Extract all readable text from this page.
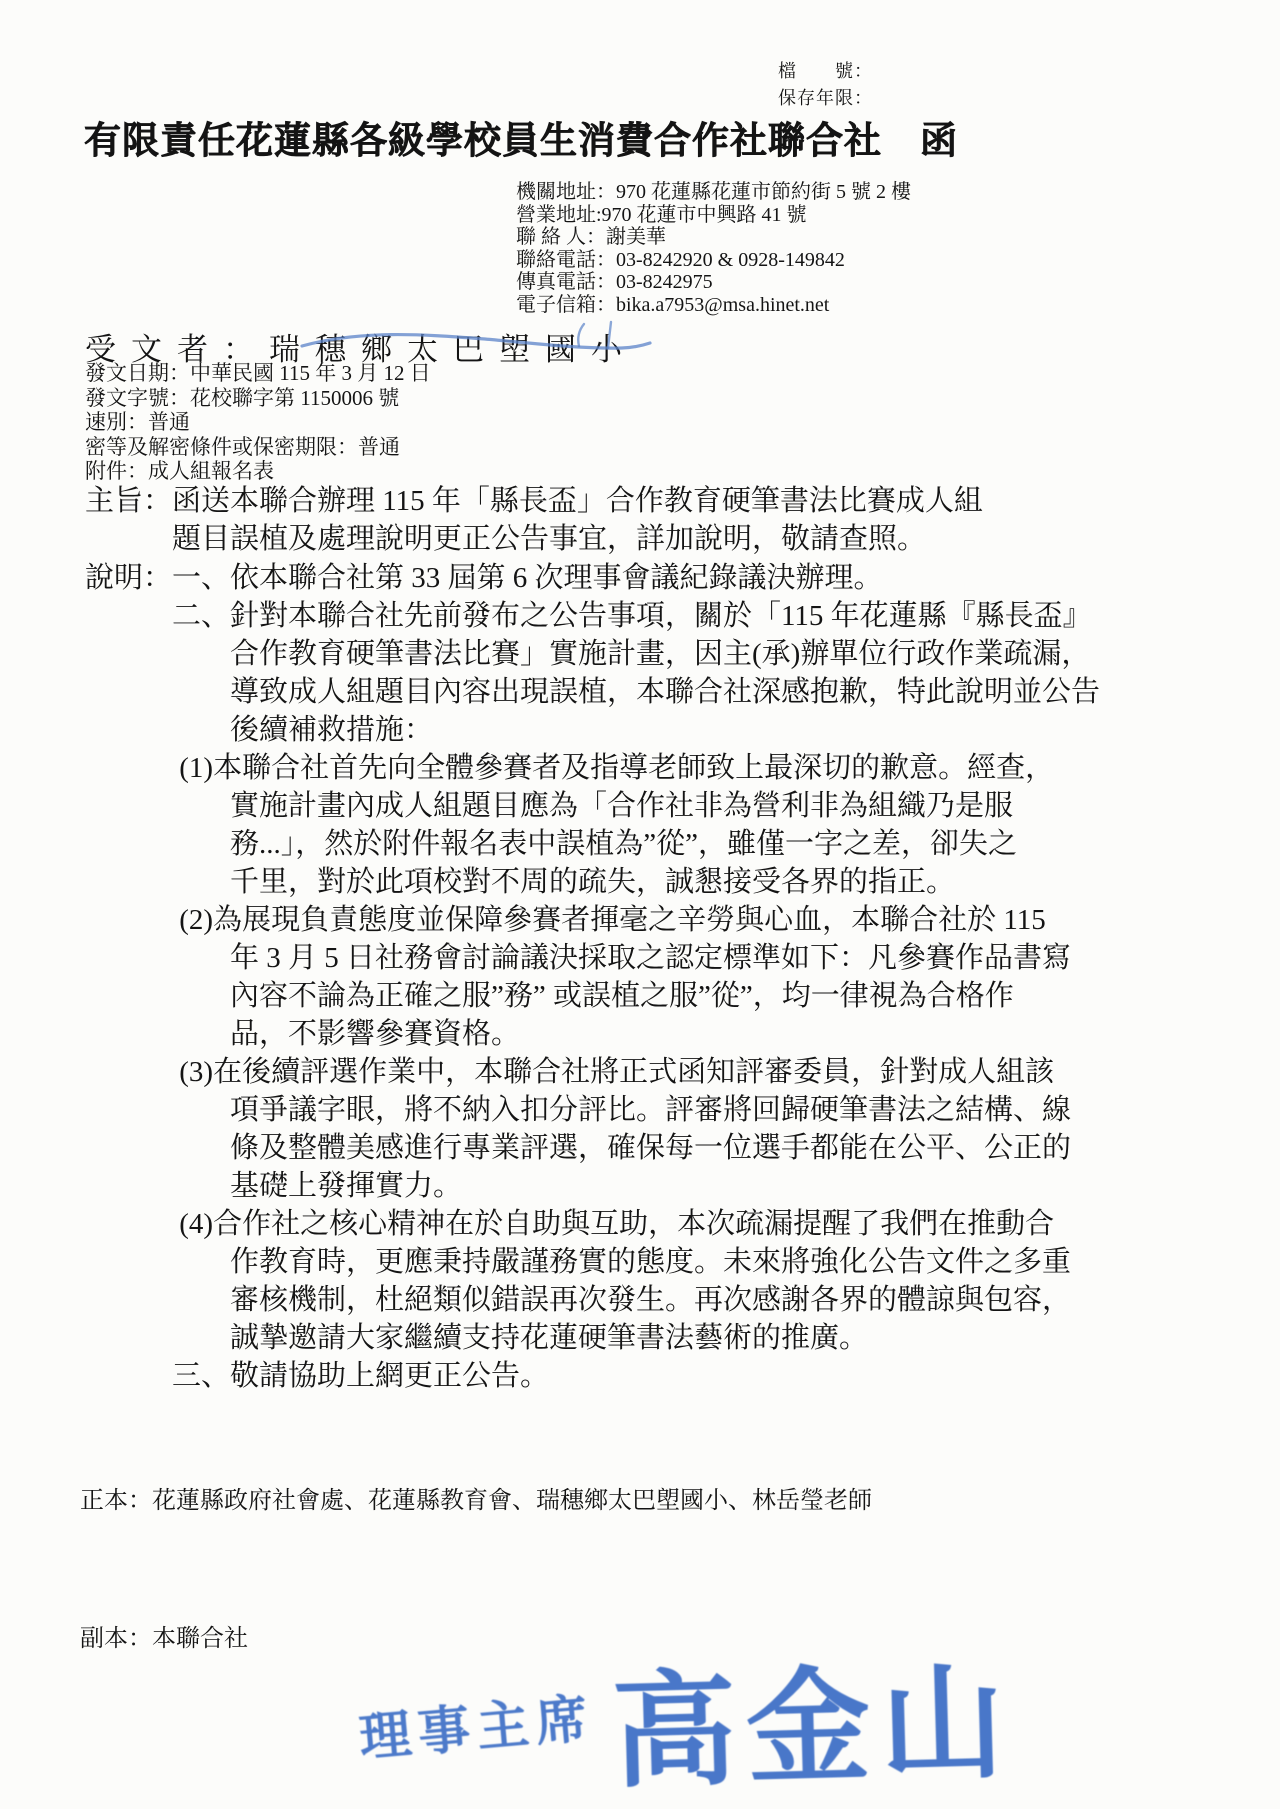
檔　　號：
保存年限：
有限責任花蓮縣各級學校員生消費合作社聯合社　函
機關地址：970 花蓮縣花蓮市節約街 5 號 2 樓
營業地址:970 花蓮市中興路 41 號
聯 絡 人：謝美華
聯絡電話：03-8242920 & 0928-149842
傳真電話：03-8242975
電子信箱：bika.a7953@msa.hinet.net
受文者：瑞穗鄉太巴塱國小
發文日期：中華民國 115 年 3 月 12 日
發文字號：花校聯字第 1150006 號
速別：普通
密等及解密條件或保密期限：普通
附件：成人組報名表
主旨：函送本聯合辦理 115 年「縣長盃」合作教育硬筆書法比賽成人組
　　　題目誤植及處理說明更正公告事宜，詳加說明，敬請查照。
說明：一、依本聯合社第 33 屆第 6 次理事會議紀錄議決辦理。
　　　二、針對本聯合社先前發布之公告事項，關於「115 年花蓮縣『縣長盃』
　　　　　合作教育硬筆書法比賽」實施計畫，因主(承)辦單位行政作業疏漏，
　　　　　導致成人組題目內容出現誤植，本聯合社深感抱歉，特此說明並公告
　　　　　後續補救措施：
　　　 (1)本聯合社首先向全體參賽者及指導老師致上最深切的歉意。經查，
　　　　　實施計畫內成人組題目應為「合作社非為營利非為組織乃是服
　　　　　務...」，然於附件報名表中誤植為”從”，雖僅一字之差，卻失之
　　　　　千里，對於此項校對不周的疏失，誠懇接受各界的指正。
　　　 (2)為展現負責態度並保障參賽者揮毫之辛勞與心血，本聯合社於 115
　　　　　年 3 月 5 日社務會討論議決採取之認定標準如下：凡參賽作品書寫
　　　　　內容不論為正確之服”務” 或誤植之服”從”，均一律視為合格作
　　　　　品，不影響參賽資格。
　　　 (3)在後續評選作業中，本聯合社將正式函知評審委員，針對成人組該
　　　　　項爭議字眼，將不納入扣分評比。評審將回歸硬筆書法之結構、線
　　　　　條及整體美感進行專業評選，確保每一位選手都能在公平、公正的
　　　　　基礎上發揮實力。
　　　 (4)合作社之核心精神在於自助與互助，本次疏漏提醒了我們在推動合
　　　　　作教育時，更應秉持嚴謹務實的態度。未來將強化公告文件之多重
　　　　　審核機制，杜絕類似錯誤再次發生。再次感謝各界的體諒與包容，
　　　　　誠摯邀請大家繼續支持花蓮硬筆書法藝術的推廣。
　　　三、敬請協助上網更正公告。

正本：花蓮縣政府社會處、花蓮縣教育會、瑞穗鄉太巴塱國小、林岳瑩老師

副本：本聯合社

理事主席 高金山
